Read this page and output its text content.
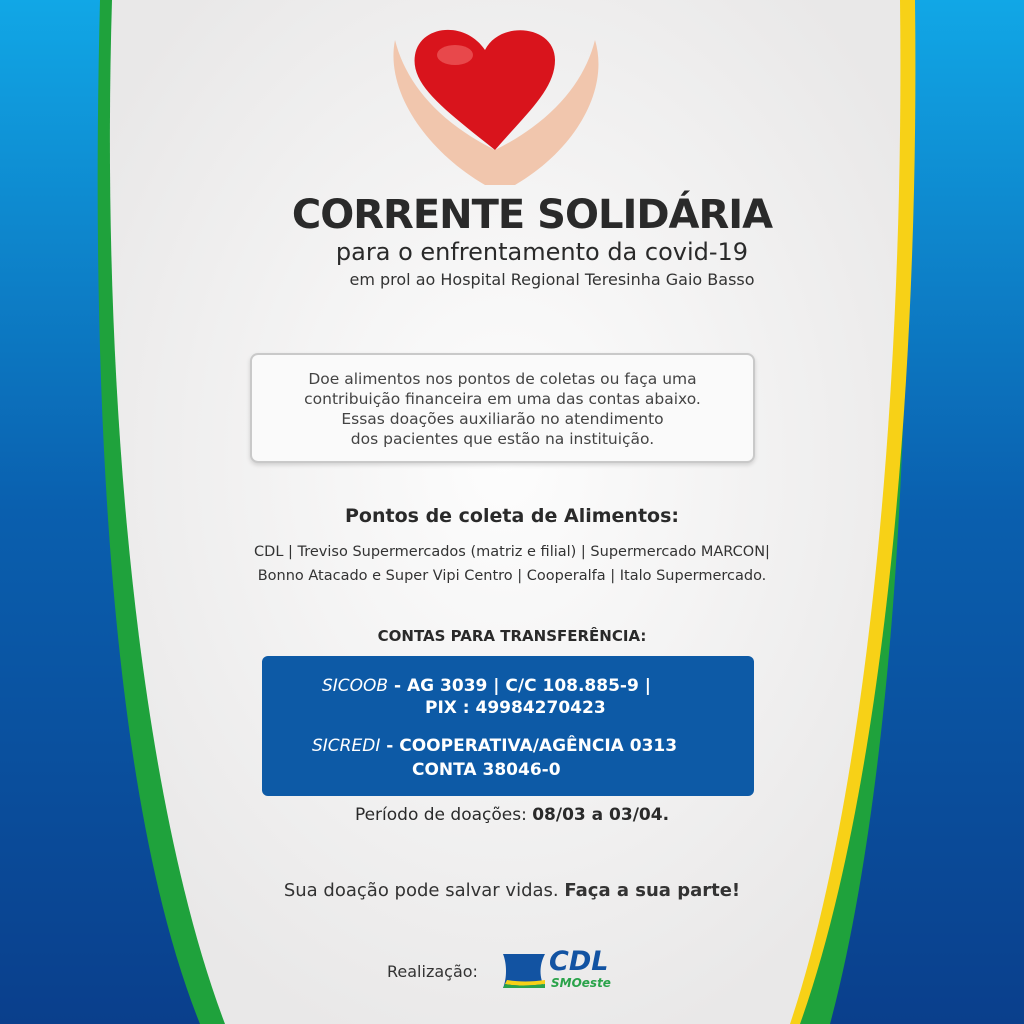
CORRENTE SOLIDÁRIA
para o enfrentamento da covid-19
em prol ao Hospital Regional Teresinha Gaio Basso
Doe alimentos nos pontos de coletas ou faça uma
contribuição financeira em uma das contas abaixo.
Essas doações auxiliarão no atendimento
dos pacientes que estão na instituição.
Pontos de coleta de Alimentos:
CDL | Treviso Supermercados (matriz e filial) | Supermercado MARCON|
Bonno Atacado e Super Vipi Centro | Cooperalfa | Italo Supermercado.
CONTAS PARA TRANSFERÊNCIA:
SICOOB - AG 3039 | C/C 108.885-9 |
PIX : 49984270423
SICREDI - COOPERATIVA/AGÊNCIA 0313
CONTA 38046-0
Período de doações: 08/03 a 03/04.
Sua doação pode salvar vidas. Faça a sua parte!
Realização:	CDL
SMOeste
